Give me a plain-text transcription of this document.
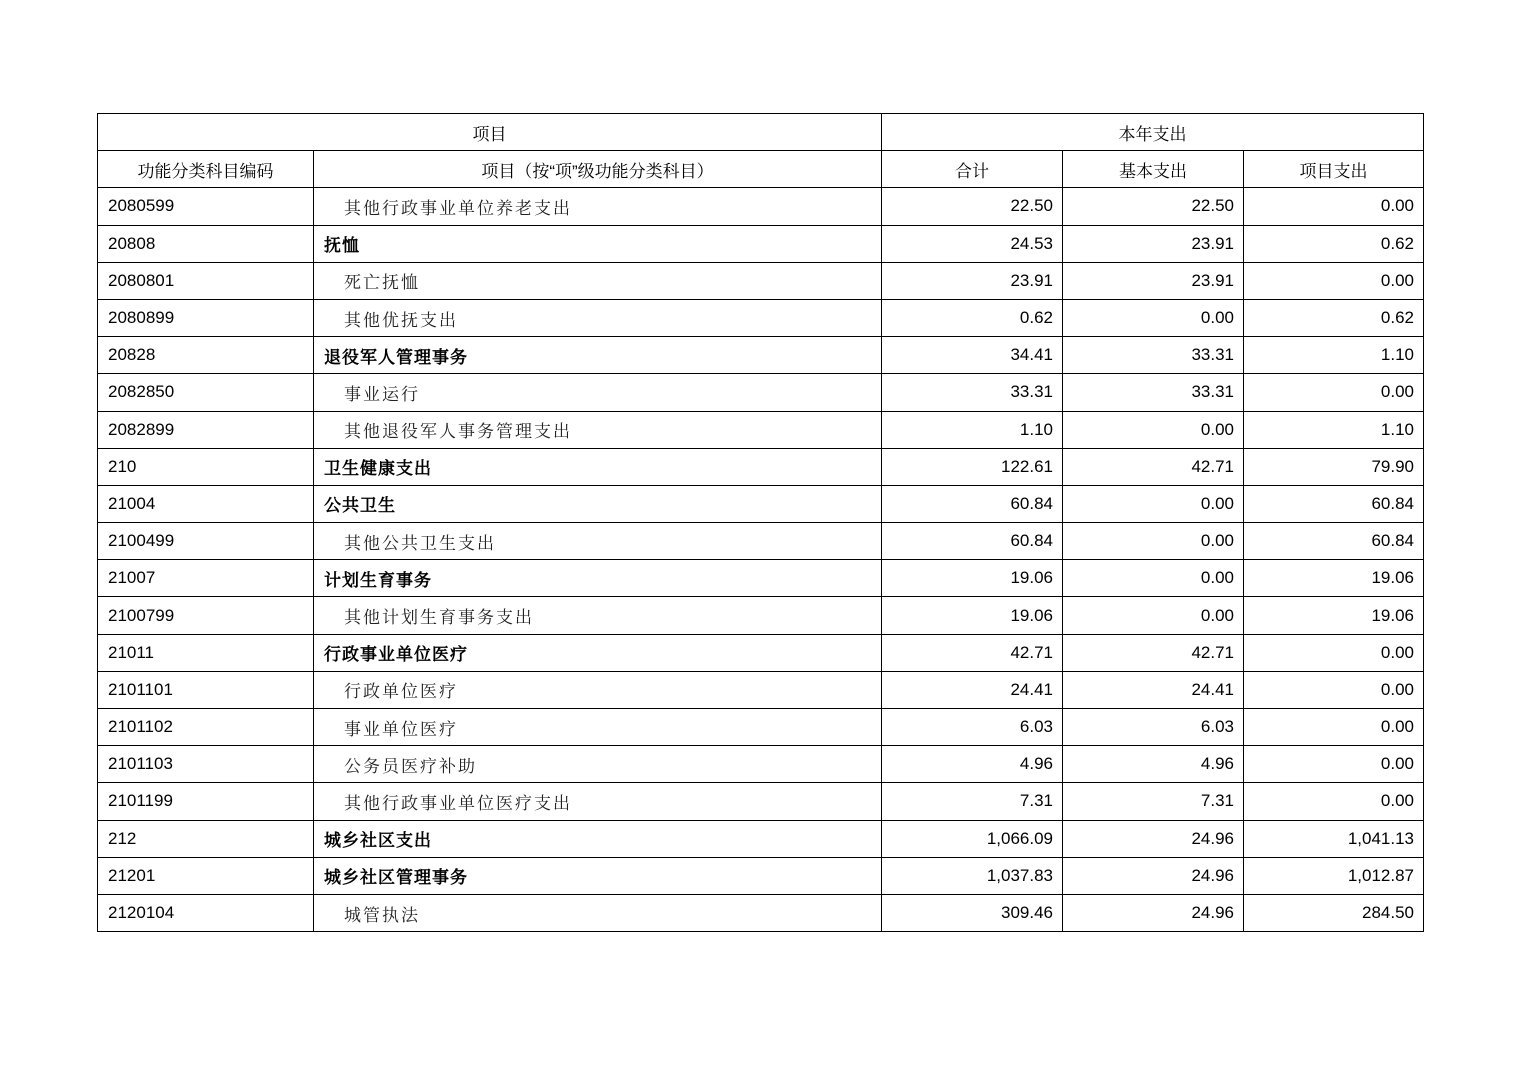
项目		本年支出		
功能分类科目编码	项目（按“项”级功能分类科目）	合计	基本支出	项目支出
2080599	其他行政事业单位养老支出	22.50	22.50	0.00
20808	抚恤	24.53	23.91	0.62
2080801	死亡抚恤	23.91	23.91	0.00
2080899	其他优抚支出	0.62	0.00	0.62
20828	退役军人管理事务	34.41	33.31	1.10
2082850	事业运行	33.31	33.31	0.00
2082899	其他退役军人事务管理支出	1.10	0.00	1.10
210	卫生健康支出	122.61	42.71	79.90
21004	公共卫生	60.84	0.00	60.84
2100499	其他公共卫生支出	60.84	0.00	60.84
21007	计划生育事务	19.06	0.00	19.06
2100799	其他计划生育事务支出	19.06	0.00	19.06
21011	行政事业单位医疗	42.71	42.71	0.00
2101101	行政单位医疗	24.41	24.41	0.00
2101102	事业单位医疗	6.03	6.03	0.00
2101103	公务员医疗补助	4.96	4.96	0.00
2101199	其他行政事业单位医疗支出	7.31	7.31	0.00
212	城乡社区支出	1,066.09	24.96	1,041.13
21201	城乡社区管理事务	1,037.83	24.96	1,012.87
2120104	城管执法	309.46	24.96	284.50
